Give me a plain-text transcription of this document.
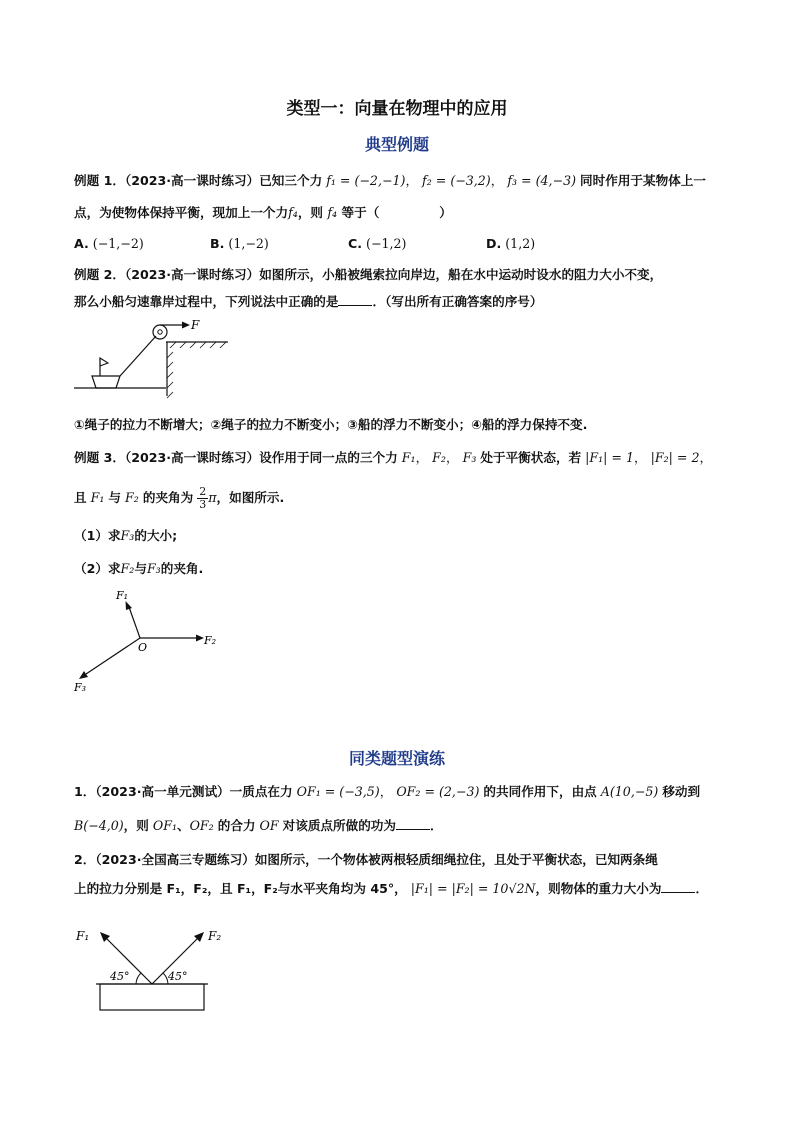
类型一：向量在物理中的应用
典型例题
例题 1．（2023·高一课时练习）已知三个力 f₁ = (−2,−1)， f₂ = (−3,2)， f₃ = (4,−3) 同时作用于某物体上一
点，为使物体保持平衡，现加上一个力f₄，则 f₄ 等于（	）
A. (−1,−2)	B. (1,−2)	C. (−1,2)	D. (1,2)
例题 2．（2023·高一课时练习）如图所示，小船被绳索拉向岸边，船在水中运动时设水的阻力大小不变，
那么小船匀速靠岸过程中，下列说法中正确的是	．（写出所有正确答案的序号）
F
①绳子的拉力不断增大；②绳子的拉力不断变小；③船的浮力不断变小；④船的浮力保持不变.
例题 3．（2023·高一课时练习）设作用于同一点的三个力 F₁， F₂， F₃ 处于平衡状态，若 |F₁| = 1， |F₂| = 2，
且 F₁ 与 F₂ 的夹角为 $\frac{2}{3}$ π，如图所示.
（1）求F₃的大小;
（2）求F₂与F₃的夹角.
O
F₁
F₂
F₃
同类题型演练
1．（2023·高一单元测试）一质点在力 OF₁ = (−3,5)， OF₂ = (2,−3) 的共同作用下，由点 A(10,−5) 移动到
B(−4,0)，则 OF₁、OF₂ 的合力 OF 对该质点所做的功为	．
2．（2023·全国高三专题练习）如图所示，一个物体被两根轻质细绳拉住，且处于平衡状态，已知两条绳
上的拉力分别是 F₁，F₂，且 F₁，F₂与水平夹角均为 45°， |F₁| = |F₂| = 10√2N，则物体的重力大小为	．
F₁	F₂
45°	45°
